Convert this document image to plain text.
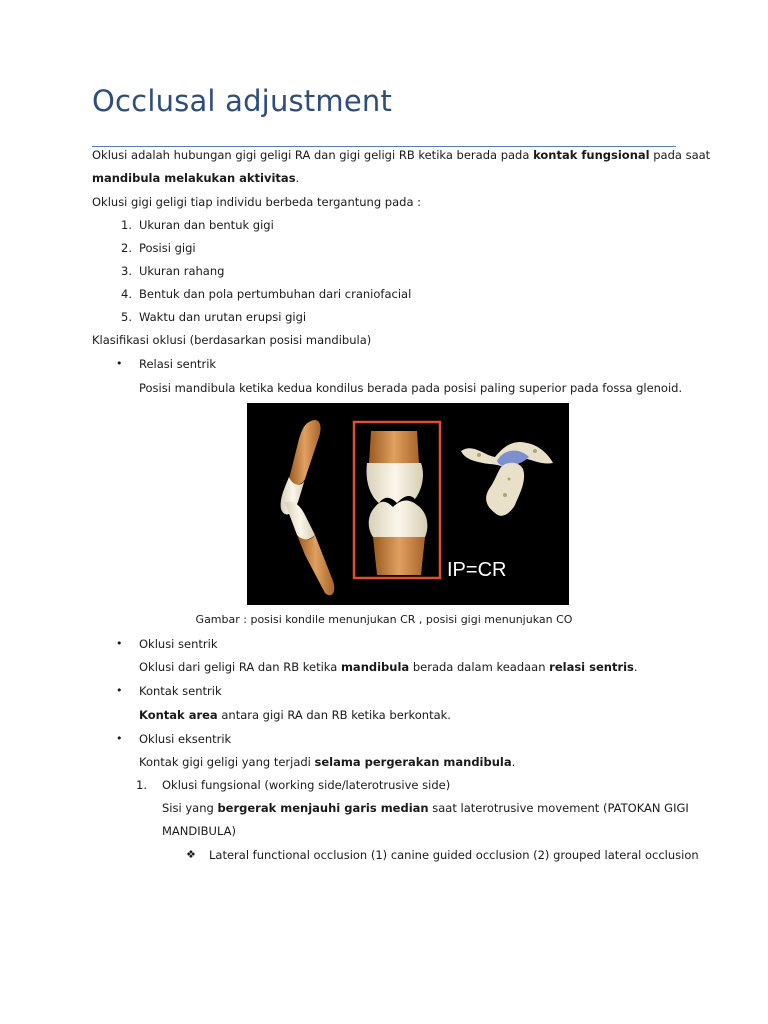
Occlusal adjustment
Oklusi adalah hubungan gigi geligi RA dan gigi geligi RB ketika berada pada kontak fungsional pada saat
mandibula melakukan aktivitas.
Oklusi gigi geligi tiap individu berbeda tergantung pada :
1. Ukuran dan bentuk gigi
2. Posisi gigi
3. Ukuran rahang
4. Bentuk dan pola pertumbuhan dari craniofacial
5. Waktu dan urutan erupsi gigi
Klasifikasi oklusi (berdasarkan posisi mandibula)
• Relasi sentrik
Posisi mandibula ketika kedua kondilus berada pada posisi paling superior pada fossa glenoid.
IP=CR
Gambar : posisi kondile menunjukan CR , posisi gigi menunjukan CO
• Oklusi sentrik
Oklusi dari geligi RA dan RB ketika mandibula berada dalam keadaan relasi sentris.
• Kontak sentrik
Kontak area antara gigi RA dan RB ketika berkontak.
• Oklusi eksentrik
Kontak gigi geligi yang terjadi selama pergerakan mandibula.
1. Oklusi fungsional (working side/laterotrusive side)
Sisi yang bergerak menjauhi garis median saat laterotrusive movement (PATOKAN GIGI
MANDIBULA)
❖ Lateral functional occlusion (1) canine guided occlusion (2) grouped lateral occlusion
